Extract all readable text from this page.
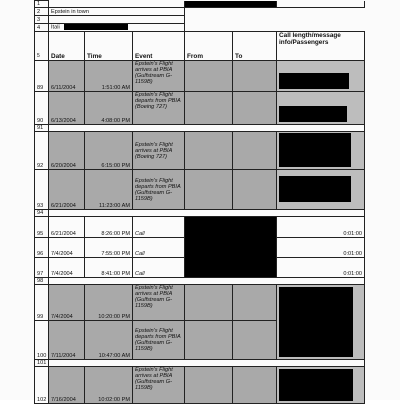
1						
2	Epstein in town					
3						
4	Itali					
5	Date	Time	Event	From	To	Call length/message info/Passengers
89	6/11/2004	1:51:00 AM	Epstein's Flight arrives at PBIA (Gulfstream G-1159B)			

90	6/13/2004	4:08:00 PM	Epstein's Flight departs from PBIA (Boeing 727)			

91						
92	6/20/2004	6:15:00 PM	Epstein's Flight arrives at PBIA (Boeing 727)			

93	6/21/2004	11:23:00 AM	Epstein's Flight departs from PBIA (Gulfstream G-1159B)			

94						
95	6/21/2004	8:26:00 PM	Call			0:01:00
96	7/4/2004	7:55:00 PM	Call			0:01:00
97	7/4/2004	8:41:00 PM	Call			0:01:00
98						
99	7/4/2004	10:20:00 PM	Epstein's Flight arrives at PBIA (Gulfstream G-1159B)			

100	7/11/2004	10:47:00 AM	Epstein's Flight departs from PBIA (Gulfstream G-1159B)			

101						
102	7/16/2004	10:02:00 PM	Epstein's Flight arrives at PBIA (Gulfstream G-1159B)			
